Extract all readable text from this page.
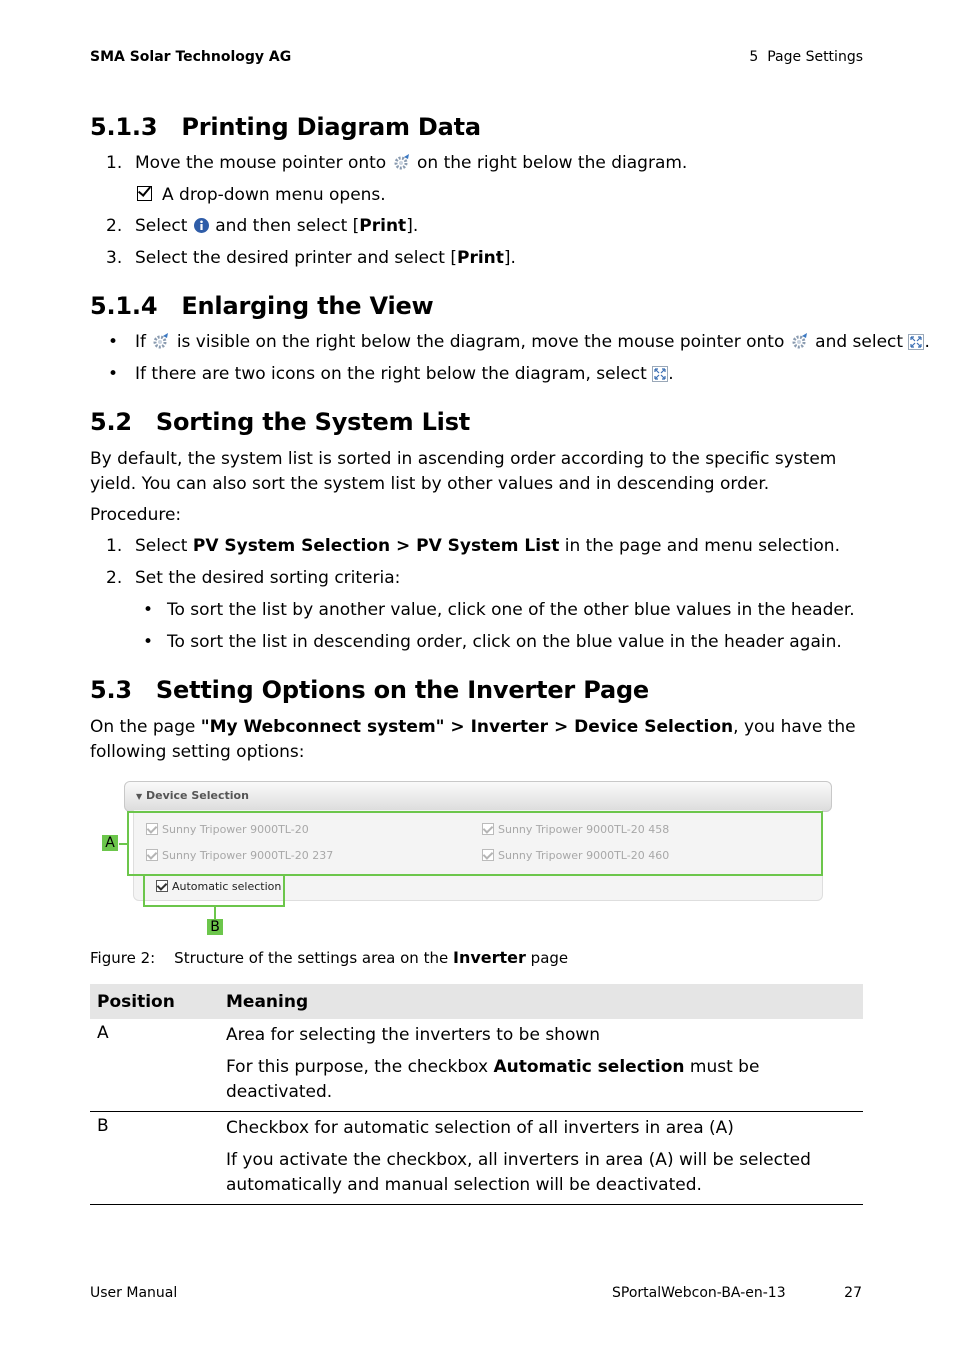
SMA Solar Technology AG	5  Page Settings
5.1.3 Printing Diagram Data
1. Move the mouse pointer onto on the right below the diagram.
A drop-down menu opens.
2. Select and then select [Print].
3. Select the desired printer and select [Print].
5.1.4 Enlarging the View
• If is visible on the right below the diagram, move the mouse pointer onto and select .
• If there are two icons on the right below the diagram, select .
5.2 Sorting the System List
By default, the system list is sorted in ascending order according to the specific system yield. You can also sort the system list by other values and in descending order.
Procedure:
1. Select PV System Selection > PV System List in the page and menu selection.
2. Set the desired sorting criteria:
• To sort the list by another value, click one of the other blue values in the header.
• To sort the list in descending order, click on the blue value in the header again.
5.3 Setting Options on the Inverter Page
On the page "My Webconnect system" > Inverter > Device Selection, you have the following setting options:
▼ Device Selection
Sunny Tripower 9000TL-20	Sunny Tripower 9000TL-20 458
Sunny Tripower 9000TL-20 237	Sunny Tripower 9000TL-20 460
Automatic selection
A
B
Figure 2: Structure of the settings area on the Inverter page
Position	Meaning
A	Area for selecting the inverters to be shown

For this purpose, the checkbox Automatic selection must be deactivated.

B	Checkbox for automatic selection of all inverters in area (A)

If you activate the checkbox, all inverters in area (A) will be selected automatically and manual selection will be deactivated.

User Manual	SPortalWebcon-BA-en-13	27
